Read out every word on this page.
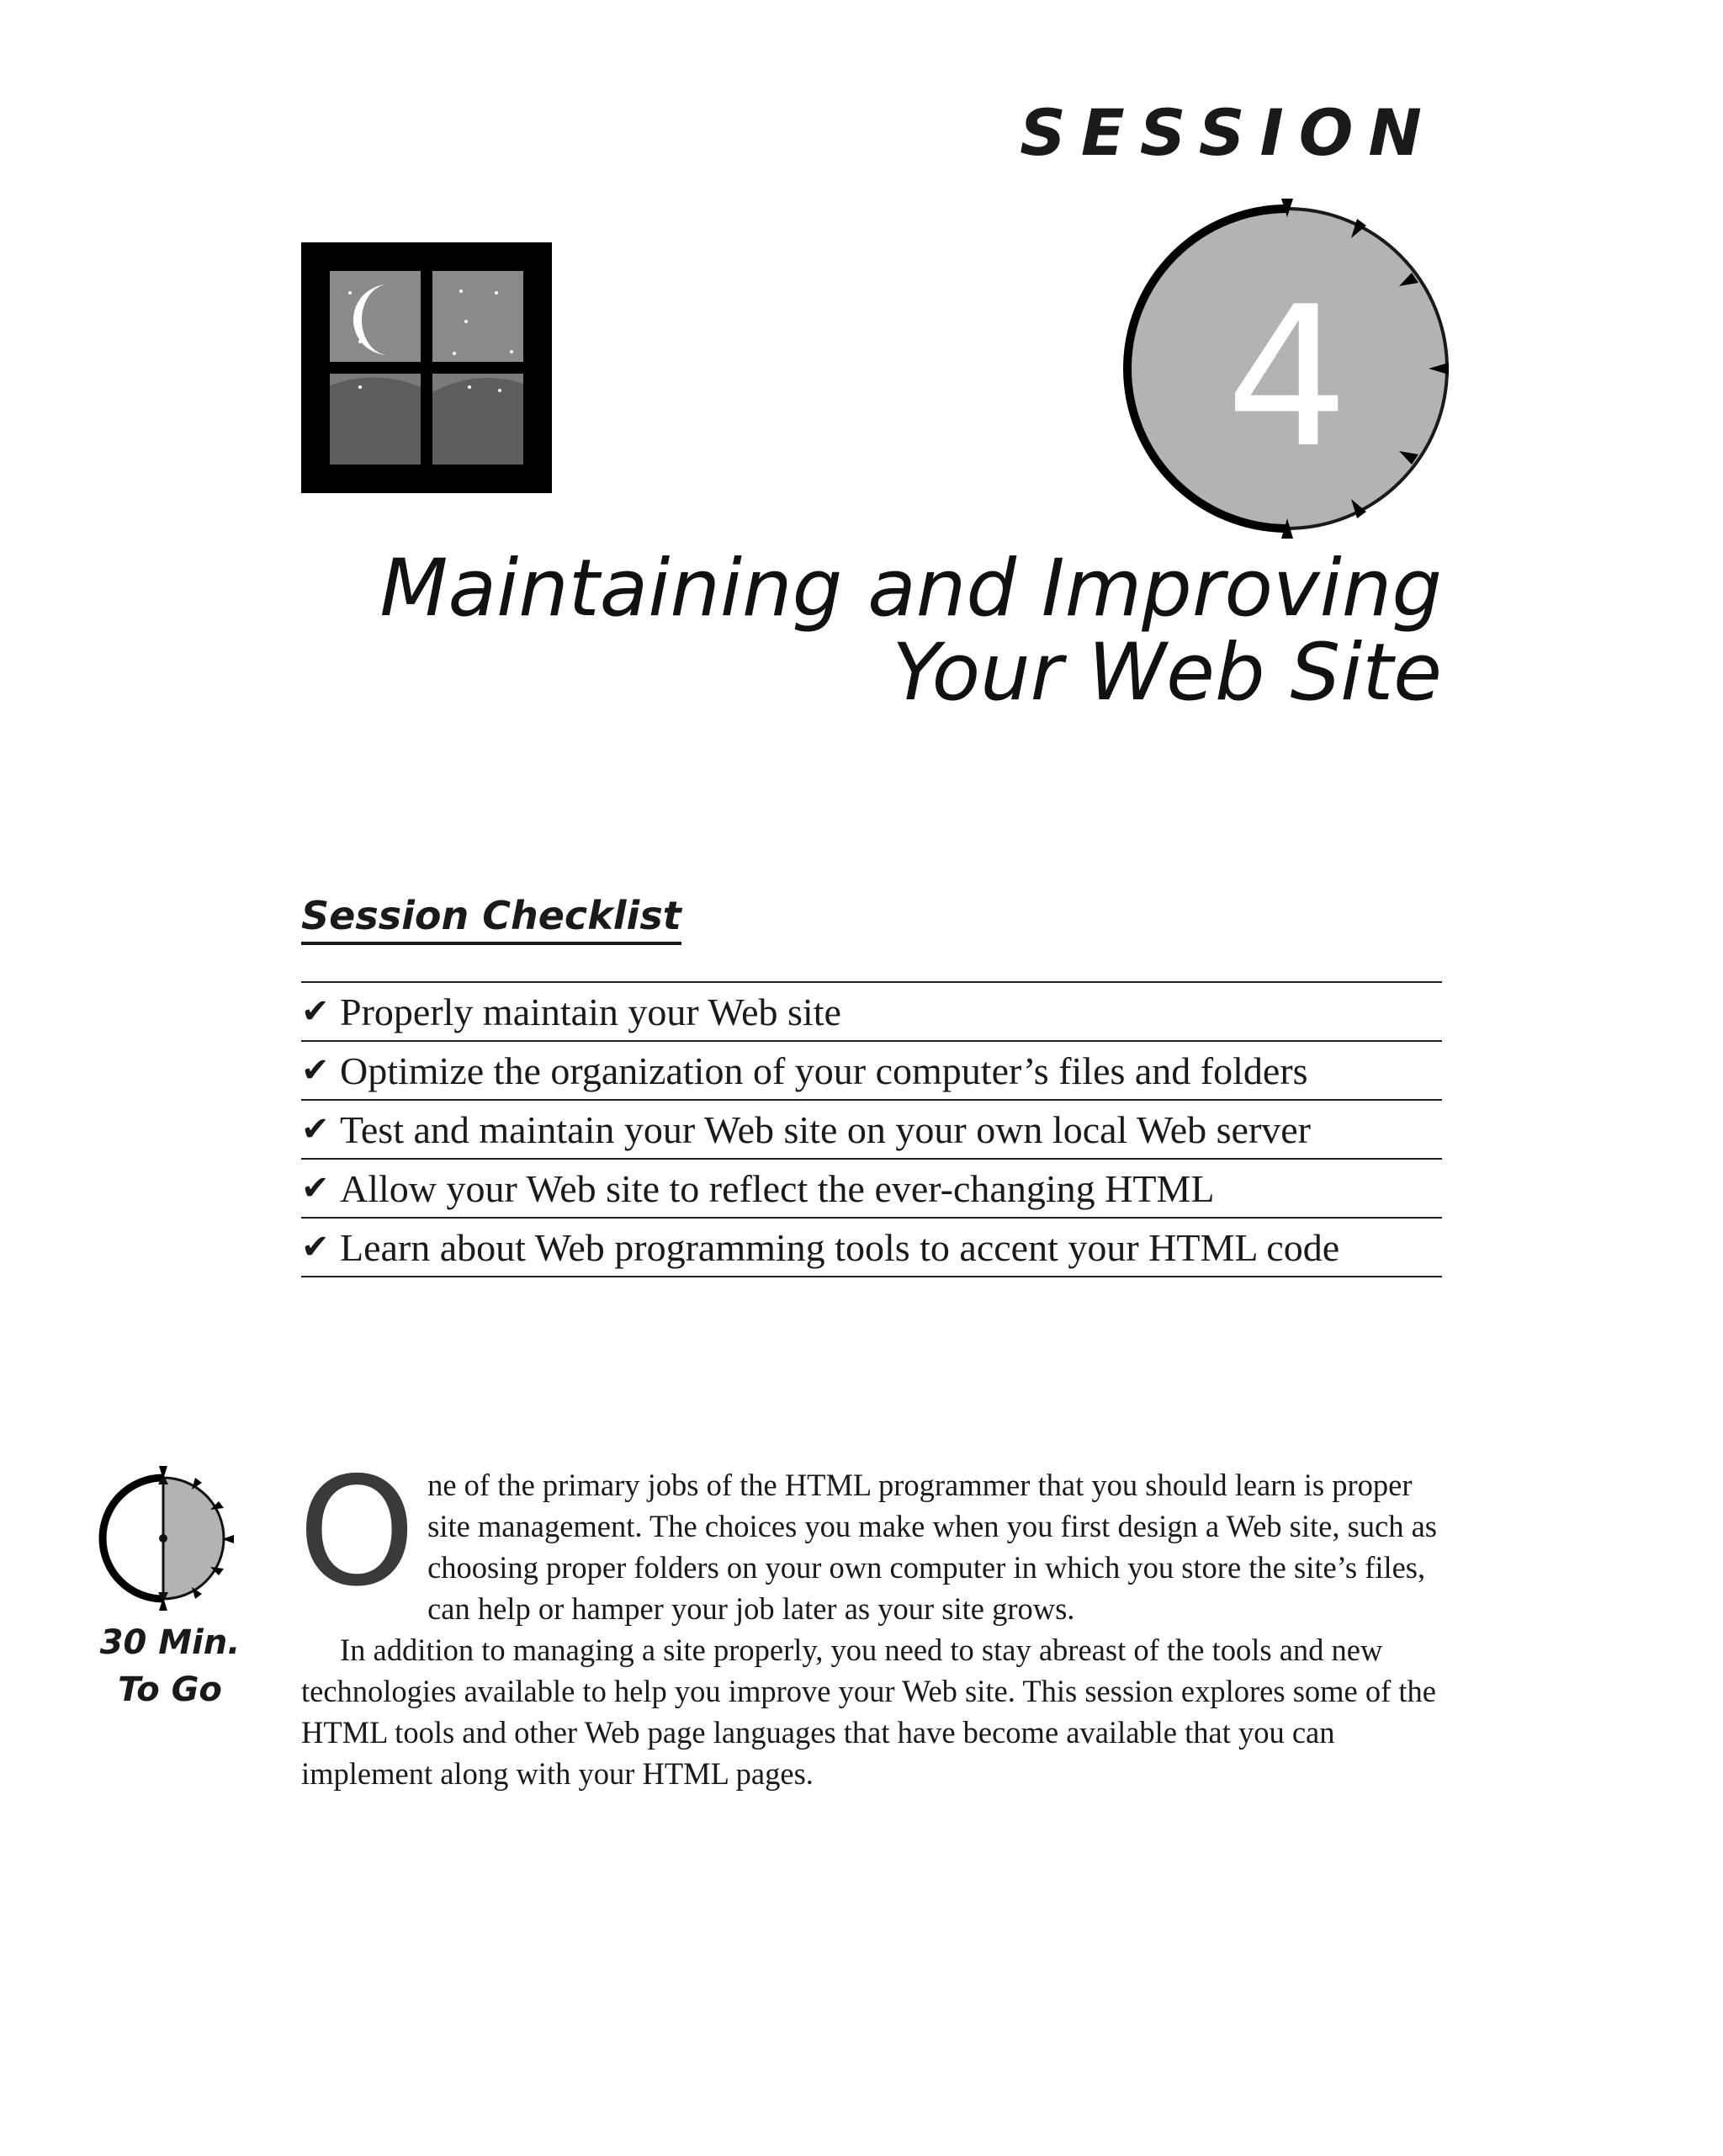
SESSION
4
Maintaining and Improving
Your Web Site
Session Checklist
✔ Properly maintain your Web site
✔ Optimize the organization of your computer’s files and folders
✔ Test and maintain your Web site on your own local Web server
✔ Allow your Web site to reflect the ever-changing HTML
✔ Learn about Web programming tools to accent your HTML code
30 Min.
To Go

One of the primary jobs of the HTML programmer that you should learn is proper site management. The choices you make when you first design a Web site, such as choosing proper folders on your own computer in which you store the site’s files, can help or hamper your job later as your site grows.

In addition to managing a site properly, you need to stay abreast of the tools and new technologies available to help you improve your Web site. This session explores some of the HTML tools and other Web page languages that have become available that you can implement along with your HTML pages.
